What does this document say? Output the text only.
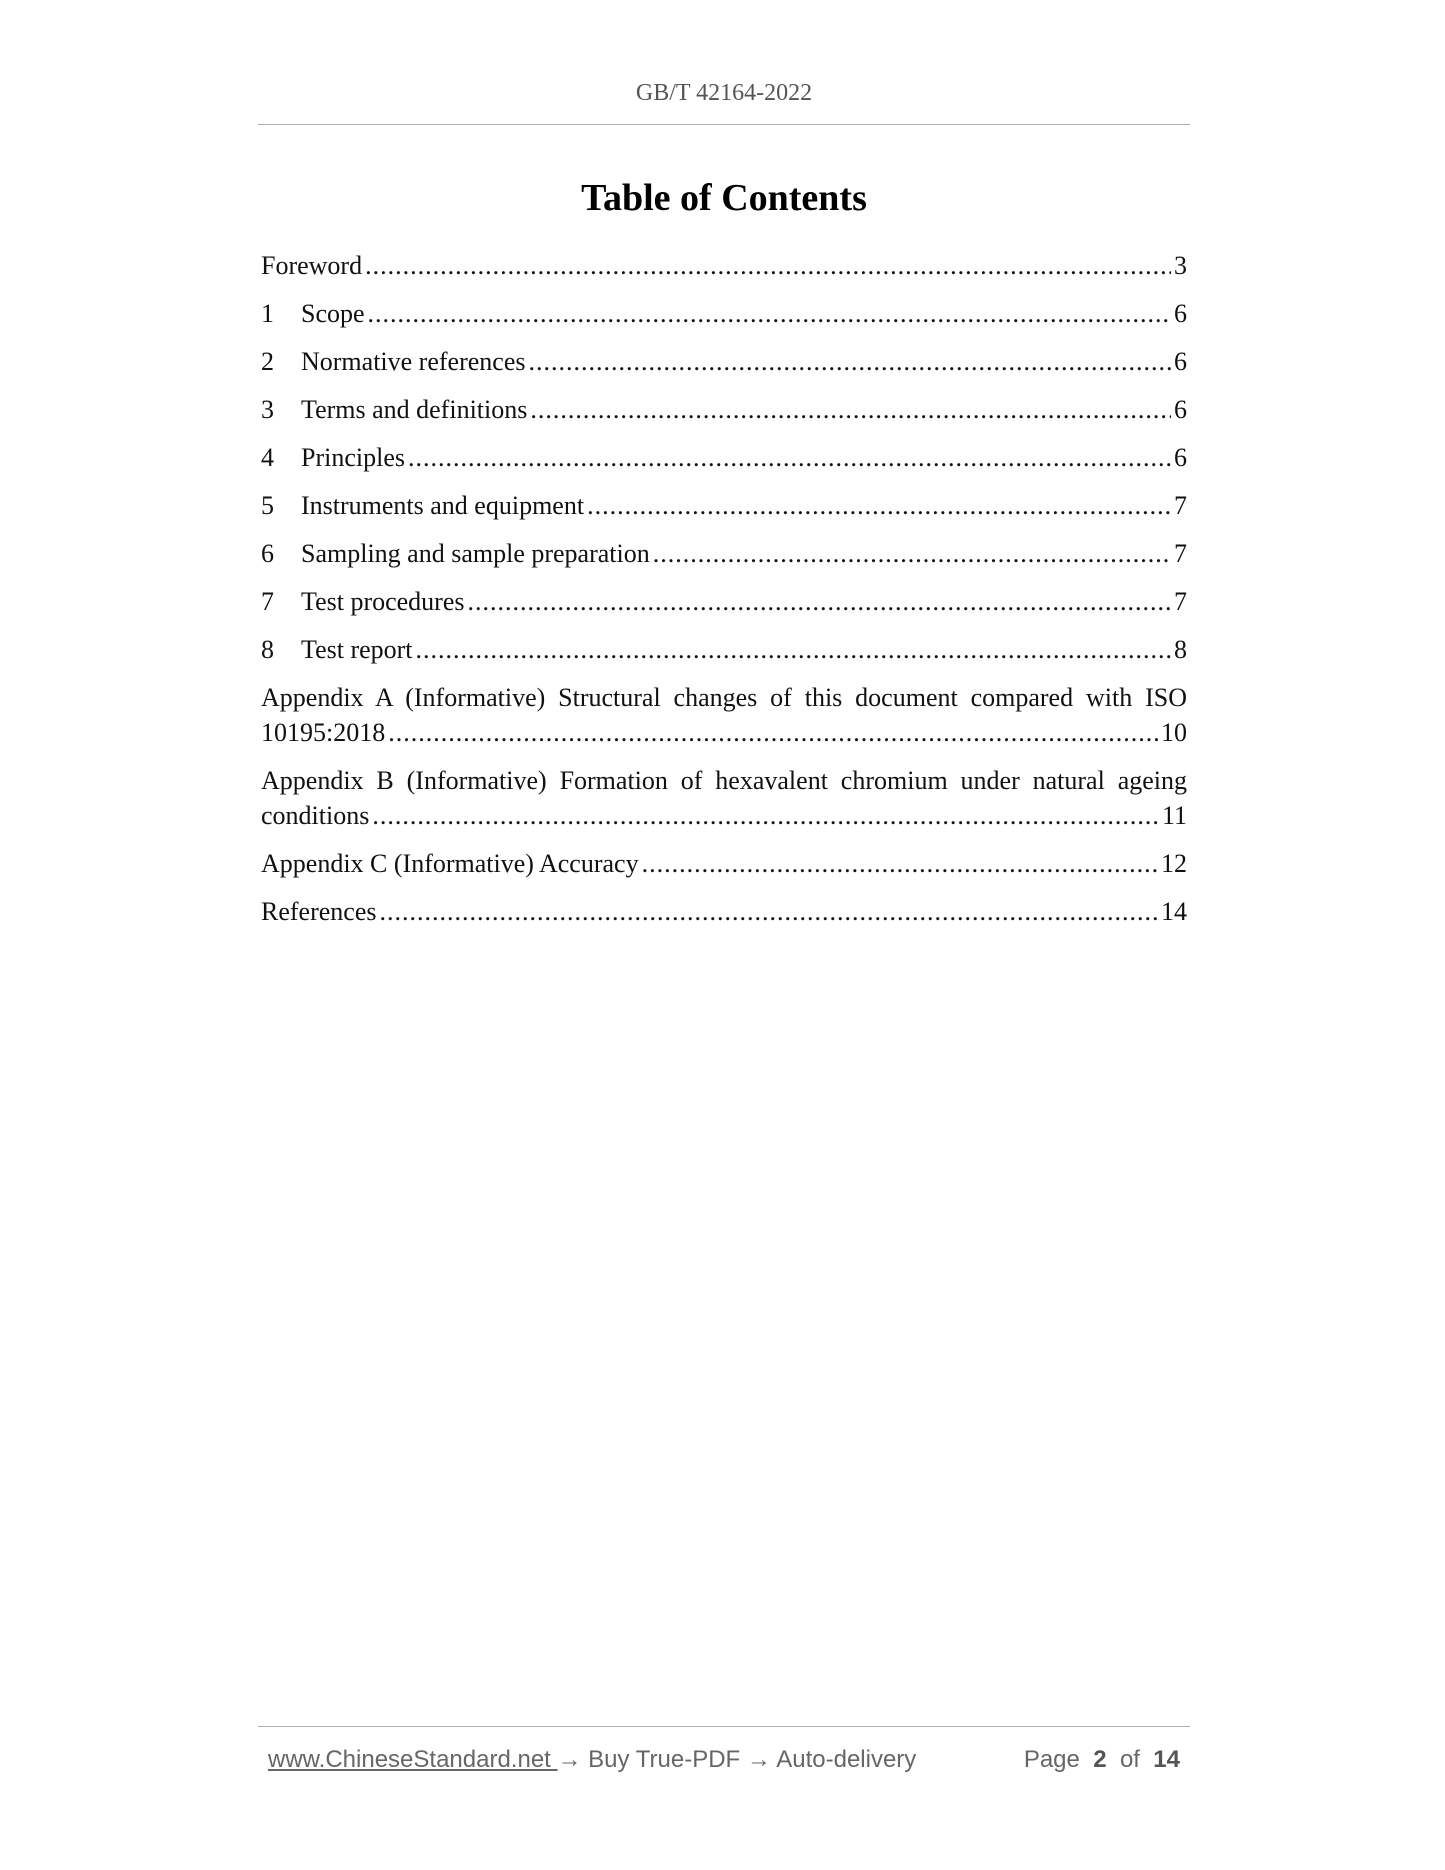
GB/T 42164-2022
Table of Contents
Foreword .....	3
1	Scope .....	6
2	Normative references .....	6
3	Terms and definitions .....	6
4	Principles .....	6
5	Instruments and equipment .....	7
6	Sampling and sample preparation .....	7
7	Test procedures .....	7
8	Test report .....	8
Appendix A (Informative) Structural changes of this document compared with ISO
10195:2018 .....	10
Appendix B (Informative) Formation of hexavalent chromium under natural ageing
conditions .....	11
Appendix C (Informative) Accuracy .....	12
References .....	14
www.ChineseStandard.net → Buy True-PDF → Auto-delivery	Page 2 of 14
